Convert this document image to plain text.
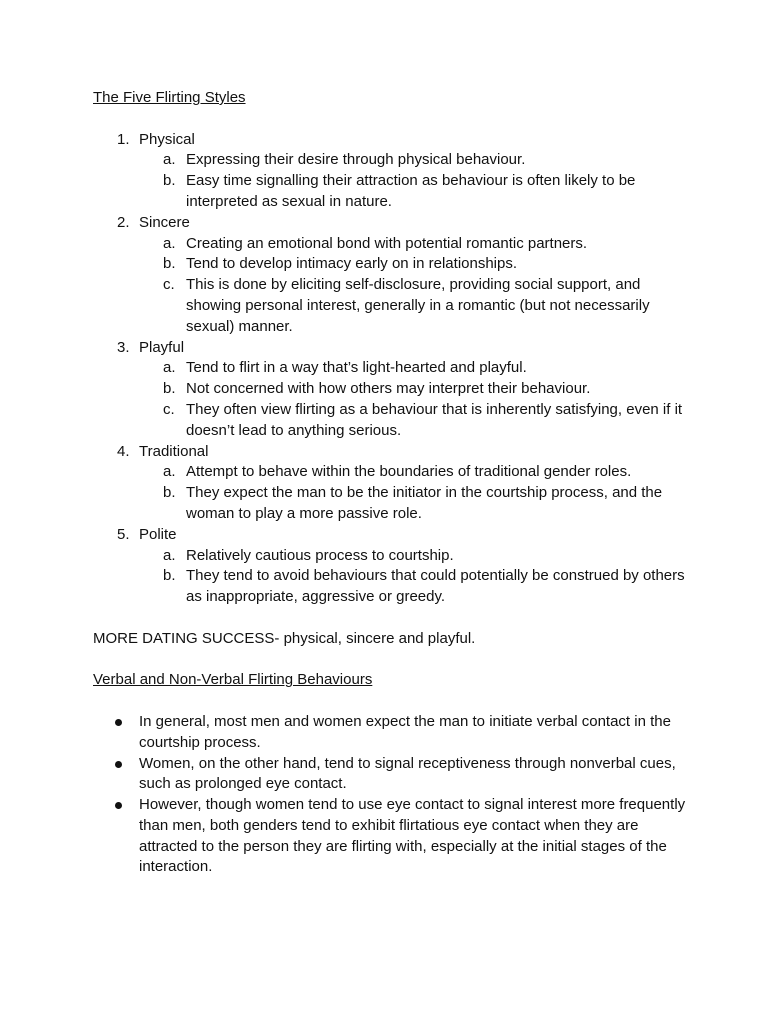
The Five Flirting Styles

1. Physical
a. Expressing their desire through physical behaviour.
b. Easy time signalling their attraction as behaviour is often likely to be interpreted as sexual in nature.
2. Sincere
a. Creating an emotional bond with potential romantic partners.
b. Tend to develop intimacy early on in relationships.
c. This is done by eliciting self-disclosure, providing social support, and showing personal interest, generally in a romantic (but not necessarily sexual) manner.
3. Playful
a. Tend to flirt in a way that’s light-hearted and playful.
b. Not concerned with how others may interpret their behaviour.
c. They often view flirting as a behaviour that is inherently satisfying, even if it doesn’t lead to anything serious.
4. Traditional
a. Attempt to behave within the boundaries of traditional gender roles.
b. They expect the man to be the initiator in the courtship process, and the woman to play a more passive role.
5. Polite
a. Relatively cautious process to courtship.
b. They tend to avoid behaviours that could potentially be construed by others as inappropriate, aggressive or greedy.

MORE DATING SUCCESS- physical, sincere and playful.

Verbal and Non-Verbal Flirting Behaviours

In general, most men and women expect the man to initiate verbal contact in the courtship process.
Women, on the other hand, tend to signal receptiveness through nonverbal cues, such as prolonged eye contact.
However, though women tend to use eye contact to signal interest more frequently than men, both genders tend to exhibit flirtatious eye contact when they are attracted to the person they are flirting with, especially at the initial stages of the interaction.
